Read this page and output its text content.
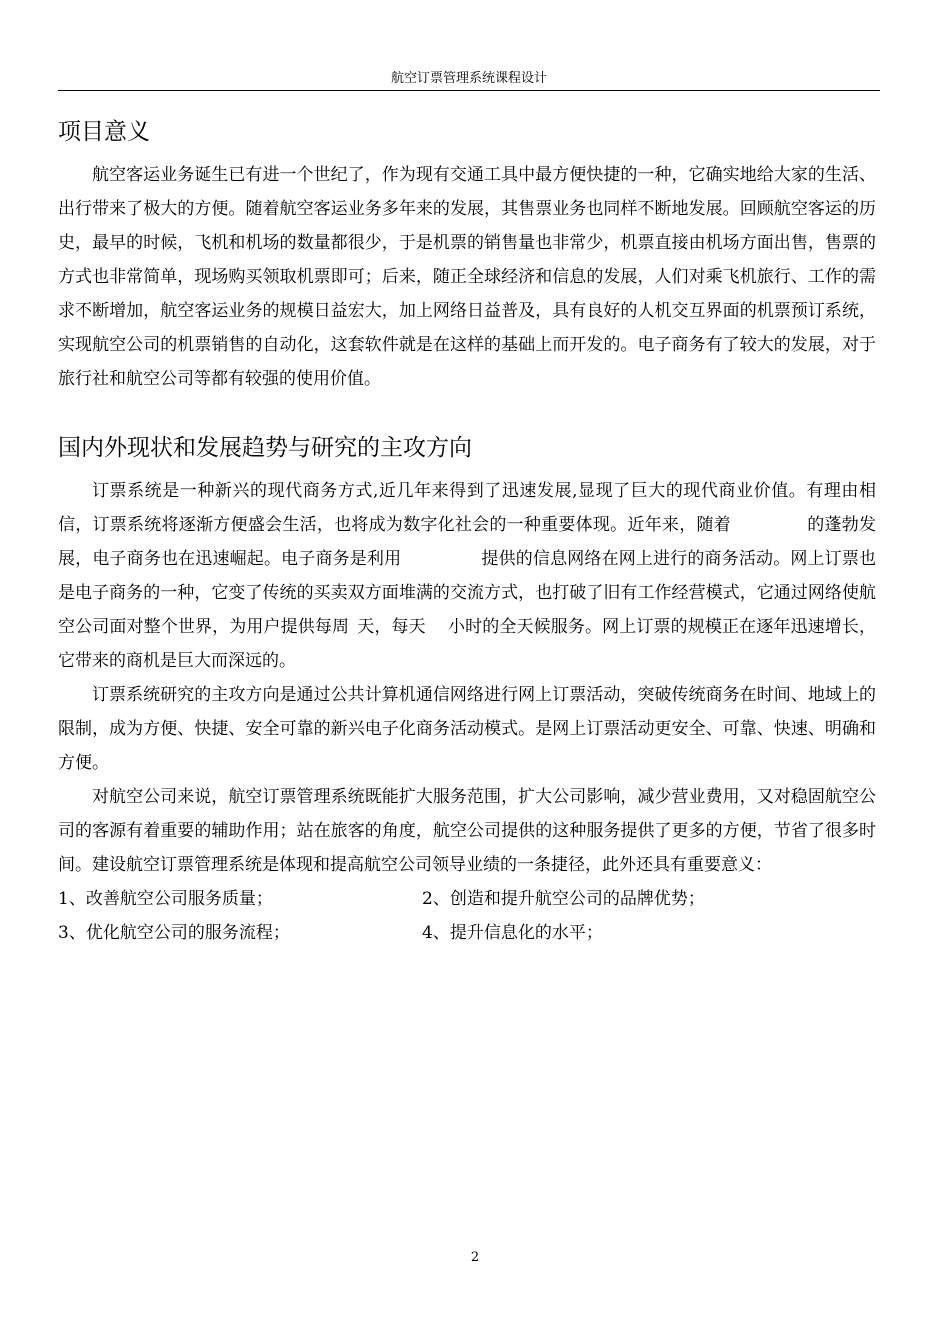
航空订票管理系统课程设计
项目意义

航空客运业务诞生已有进一个世纪了，作为现有交通工具中最方便快捷的一种，它确实地给大家的生活、出行带来了极大的方便。随着航空客运业务多年来的发展，其售票业务也同样不断地发展。回顾航空客运的历史，最早的时候，飞机和机场的数量都很少，于是机票的销售量也非常少，机票直接由机场方面出售，售票的方式也非常简单，现场购买领取机票即可；后来，随正全球经济和信息的发展，人们对乘飞机旅行、工作的需求不断增加，航空客运业务的规模日益宏大，加上网络日益普及，具有良好的人机交互界面的机票预订系统，实现航空公司的机票销售的自动化，这套软件就是在这样的基础上而开发的。电子商务有了较大的发展，对于旅行社和航空公司等都有较强的使用价值。

国内外现状和发展趋势与研究的主攻方向

订票系统是一种新兴的现代商务方式,近几年来得到了迅速发展,显现了巨大的现代商业价值。有理由相信，订票系统将逐渐方便盛会生活，也将成为数字化社会的一种重要体现。近年来，随着	的蓬勃发展，电子商务也在迅速崛起。电子商务是利用	提供的信息网络在网上进行的商务活动。网上订票也是电子商务的一种，它变了传统的买卖双方面堆满的交流方式，也打破了旧有工作经营模式，它通过网络使航空公司面对整个世界，为用户提供每周 天，每天 小时的全天候服务。网上订票的规模正在逐年迅速增长，它带来的商机是巨大而深远的。

订票系统研究的主攻方向是通过公共计算机通信网络进行网上订票活动，突破传统商务在时间、地域上的限制，成为方便、快捷、安全可靠的新兴电子化商务活动模式。是网上订票活动更安全、可靠、快速、明确和方便。

对航空公司来说，航空订票管理系统既能扩大服务范围，扩大公司影响，减少营业费用，又对稳固航空公司的客源有着重要的辅助作用；站在旅客的角度，航空公司提供的这种服务提供了更多的方便，节省了很多时间。建设航空订票管理系统是体现和提高航空公司领导业绩的一条捷径，此外还具有重要意义：

1、改善航空公司服务质量；	2、创造和提升航空公司的品牌优势；
3、优化航空公司的服务流程；	4、提升信息化的水平；
2
